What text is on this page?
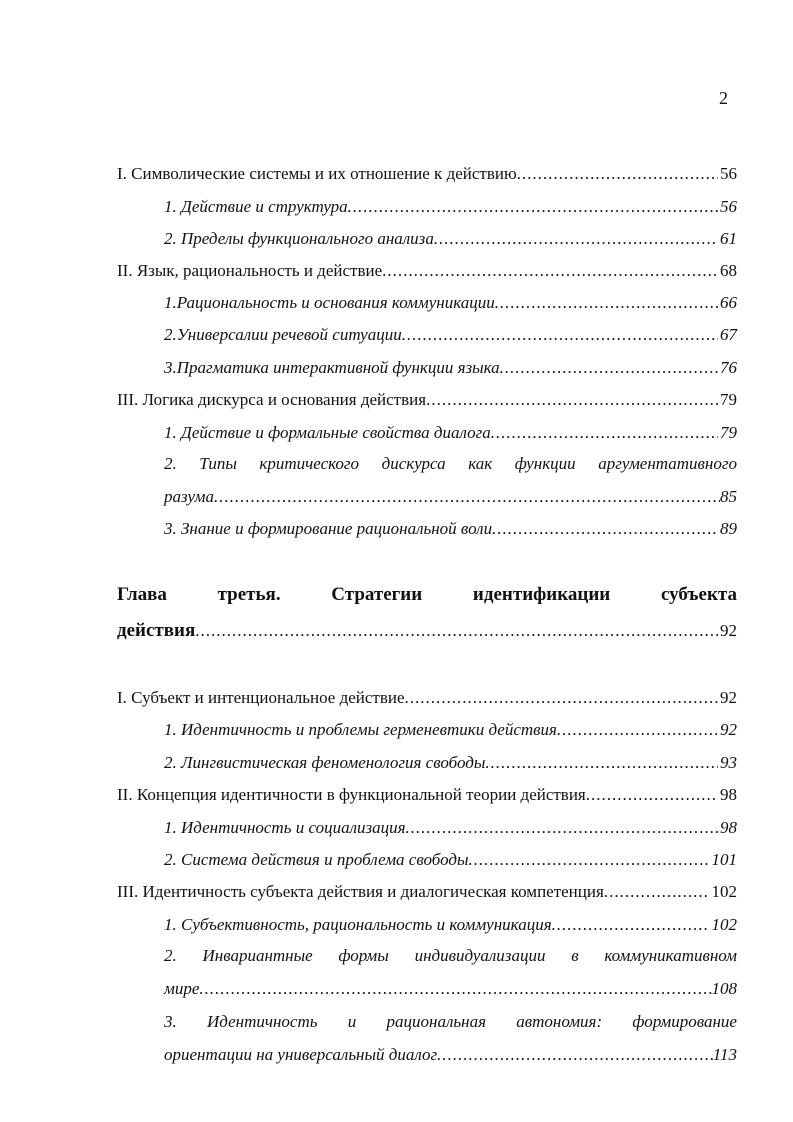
2
I. Символические системы и их отношение к действию .....	56
1. Действие и структура .....	56
2. Пределы функционального анализа .....	61
II. Язык, рациональность и действие .....	68
1.Рациональность и основания коммуникации .....	66
2.Универсалии речевой ситуации .....	67
3.Прагматика интерактивной функции языка .....	76
III. Логика дискурса и основания действия .....	79
1. Действие и формальные свойства диалога .....	79
2. Типы критического дискурса как функции аргументативного
разума .....	85
3. Знание и формирование рациональной воли .....	89
Глава	третья.	Стратегии	идентификации	субъекта
действия .....	92
I. Субъект и интенциональное действие .....	92
1. Идентичность и проблемы герменевтики действия .....	92
2. Лингвистическая феноменология свободы .....	93
II. Концепция идентичности в функциональной теории действия .....	98
1. Идентичность и социализация .....	98
2. Система действия и проблема свободы .....	101
III. Идентичность субъекта действия и диалогическая компетенция .....	102
1. Субъективность, рациональность и коммуникация .....	102
2. Инвариантные формы индивидуализации в коммуникативном
мире .....	108
3. Идентичность и рациональная автономия: формирование
ориентации на универсальный диалог .....	113
